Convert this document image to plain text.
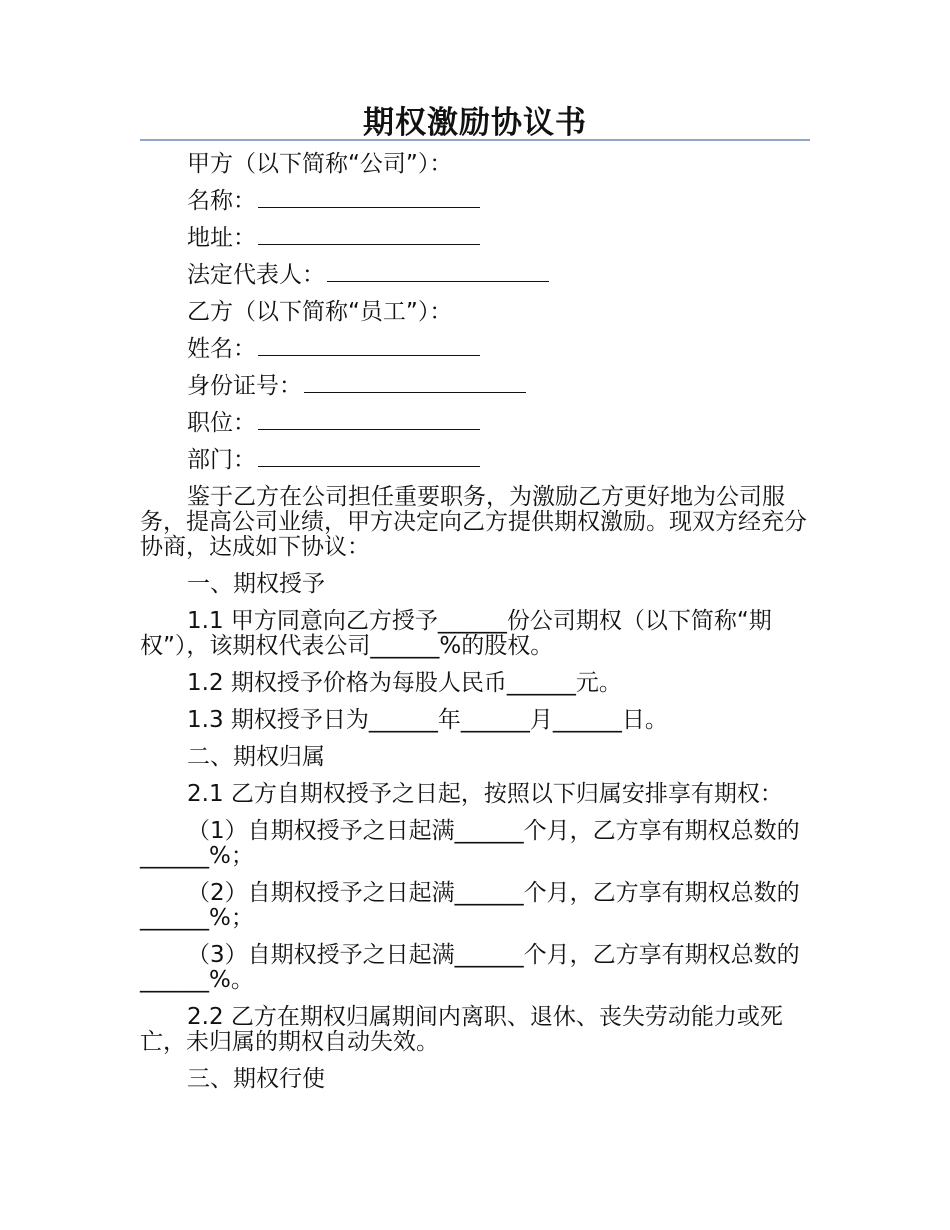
期权激励协议书

甲方（以下简称“公司”）：

名称：

地址：

法定代表人：

乙方（以下简称“员工”）：

姓名：

身份证号：

职位：

部门：

鉴于乙方在公司担任重要职务，为激励乙方更好地为公司服务，提高公司业绩，甲方决定向乙方提供期权激励。现双方经充分协商，达成如下协议：

一、期权授予

1.1 甲方同意向乙方授予______份公司期权（以下简称“期权”），该期权代表公司______%的股权。

1.2 期权授予价格为每股人民币______元。

1.3 期权授予日为______年______月______日。

二、期权归属

2.1 乙方自期权授予之日起，按照以下归属安排享有期权：

（1）自期权授予之日起满______个月，乙方享有期权总数的______%；

（2）自期权授予之日起满______个月，乙方享有期权总数的______%；

（3）自期权授予之日起满______个月，乙方享有期权总数的______%。

2.2 乙方在期权归属期间内离职、退休、丧失劳动能力或死亡，未归属的期权自动失效。

三、期权行使
